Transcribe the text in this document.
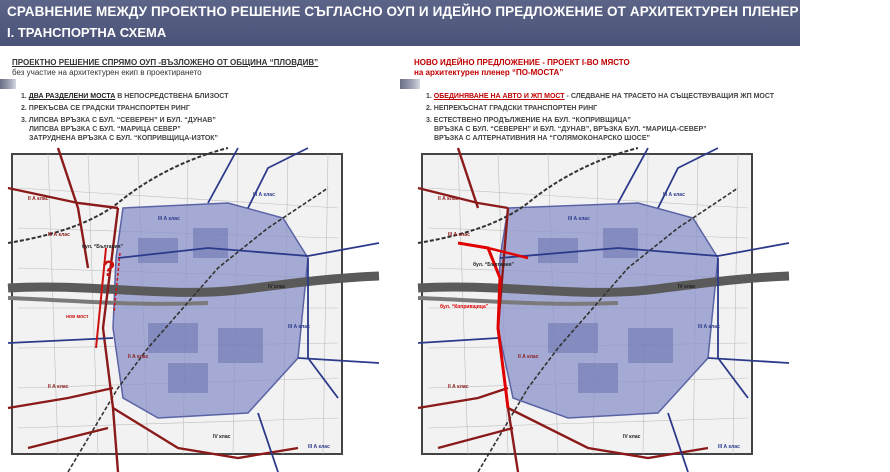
СРАВНЕНИЕ МЕЖДУ ПРОЕКТНО РЕШЕНИЕ СЪГЛАСНО ОУП И ИДЕЙНО ПРЕДЛОЖЕНИЕ ОТ АРХИТЕКТУРЕН ПЛЕНЕР “ПО-МОСТА”
I. ТРАНСПОРТНА СХЕМА
ПРОЕКТНО РЕШЕНИЕ СПРЯМО ОУП -ВЪЗЛОЖЕНО ОТ ОБЩИНА “ПЛОВДИВ”
без участие на архитектурен екип в проектирането
1. ДВА РАЗДЕЛЕНИ МОСТА В НЕПОСРЕДСТВЕНА БЛИЗОСТ
2. ПРЕКЪСВА СЕ ГРАДСКИ ТРАНСПОРТЕН РИНГ
3. ЛИПСВА ВРЪЗКА С БУЛ. “СЕВЕРЕН” И БУЛ. “ДУНАВ”
ЛИПСВА ВРЪЗКА С БУЛ. “МАРИЦА СЕВЕР”
ЗАТРУДНЕНА ВРЪЗКА С БУЛ. “КОПРИВЩИЦА-ИЗТОК”
НОВО ИДЕЙНО ПРЕДЛОЖЕНИЕ - ПРОЕКТ I-ВО МЯСТО
на архитектурен пленер “ПО-МОСТА”
1. ОБЕДИНЯВАНЕ НА АВТО И ЖП МОСТ - СЛЕДВАНЕ НА ТРАСЕТО НА СЪЩЕСТВУВАЩИЯ ЖП МОСТ
2. НЕПРЕКЪСНАТ ГРАДСКИ ТРАНСПОРТЕН РИНГ
3. ЕСТЕСТВЕНО ПРОДЪЛЖЕНИЕ НА БУЛ. “КОПРИВЩИЦА”
ВРЪЗКА С БУЛ. “СЕВЕРЕН” И БУЛ. “ДУНАВ”, ВРЪЗКА БУЛ. “МАРИЦА-СЕВЕР”
ВРЪЗКА С АЛТЕРНАТИВНИЯ НА “ГОЛЯМОКОНАРСКО ШОСЕ”
?
II А клас
III А клас
III А клас
III А клас
бул. “България”
III А клас
II А клас
IV клас
II А клас
IV клас
нов мост
III А клас
II А клас
III А клас
III А клас
III А клас
бул. “България”
III А клас
II А клас
IV клас
II А клас
IV клас
бул. “Копривщица”
III А клас
